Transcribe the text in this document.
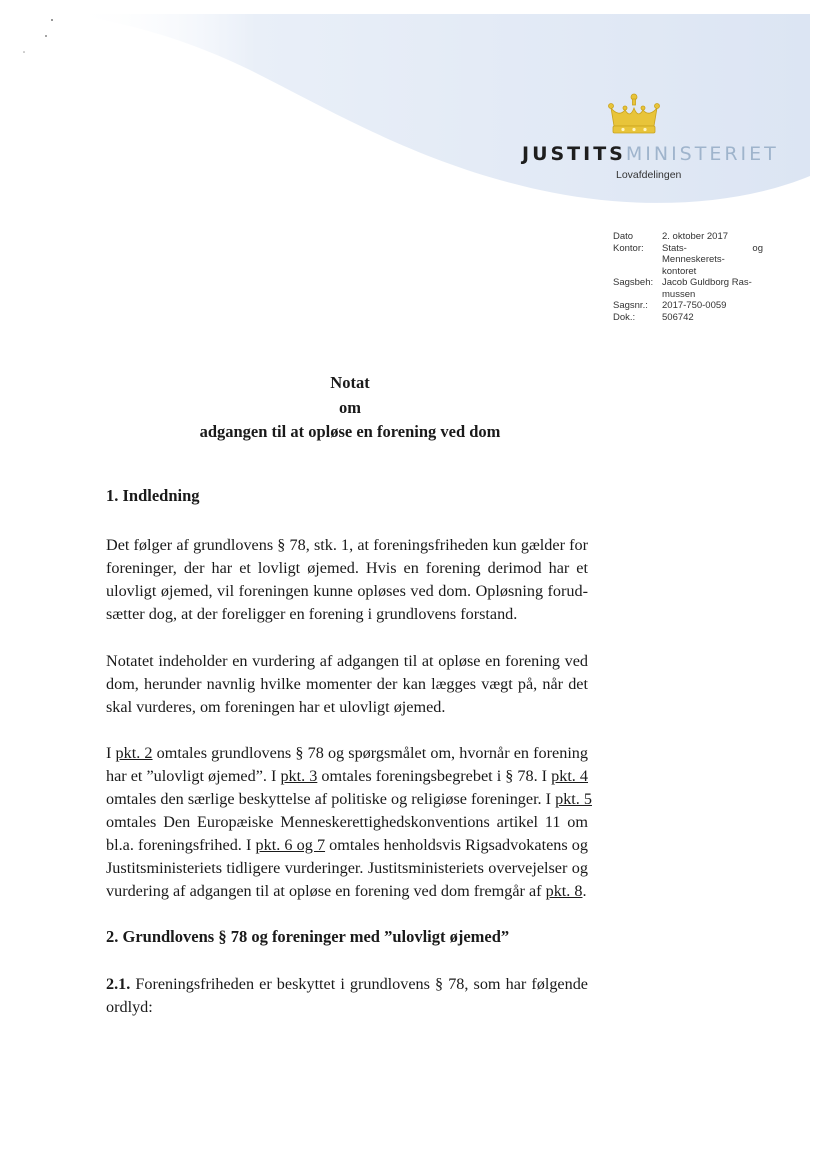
JUSTITSMINISTERIET
Lovafdelingen
Dato	2. oktober 2017
Kontor:	Stats- og Menneskerets-
kontoret
Sagsbeh: Jacob Guldborg Ras-
mussen
Sagsnr.:	2017-750-0059
Dok.:	506742
Notat
om
adgangen til at opløse en forening ved dom
1. Indledning
Det følger af grundlovens § 78, stk. 1, at foreningsfriheden kun gælder for
foreninger, der har et lovligt øjemed. Hvis en forening derimod har et
ulovligt øjemed, vil foreningen kunne opløses ved dom. Opløsning forud-
sætter dog, at der foreligger en forening i grundlovens forstand.
Notatet indeholder en vurdering af adgangen til at opløse en forening ved
dom, herunder navnlig hvilke momenter der kan lægges vægt på, når det
skal vurderes, om foreningen har et ulovligt øjemed.
I pkt. 2 omtales grundlovens § 78 og spørgsmålet om, hvornår en forening
har et ”ulovligt øjemed”. I pkt. 3 omtales foreningsbegrebet i § 78. I pkt. 4
omtales den særlige beskyttelse af politiske og religiøse foreninger. I pkt. 5
omtales Den Europæiske Menneskerettighedskonventions artikel 11 om
bl.a. foreningsfrihed. I pkt. 6 og 7 omtales henholdsvis Rigsadvokatens og
Justitsministeriets tidligere vurderinger. Justitsministeriets overvejelser og
vurdering af adgangen til at opløse en forening ved dom fremgår af pkt. 8.
2. Grundlovens § 78 og foreninger med ”ulovligt øjemed”
2.1. Foreningsfriheden er beskyttet i grundlovens § 78, som har følgende
ordlyd:
